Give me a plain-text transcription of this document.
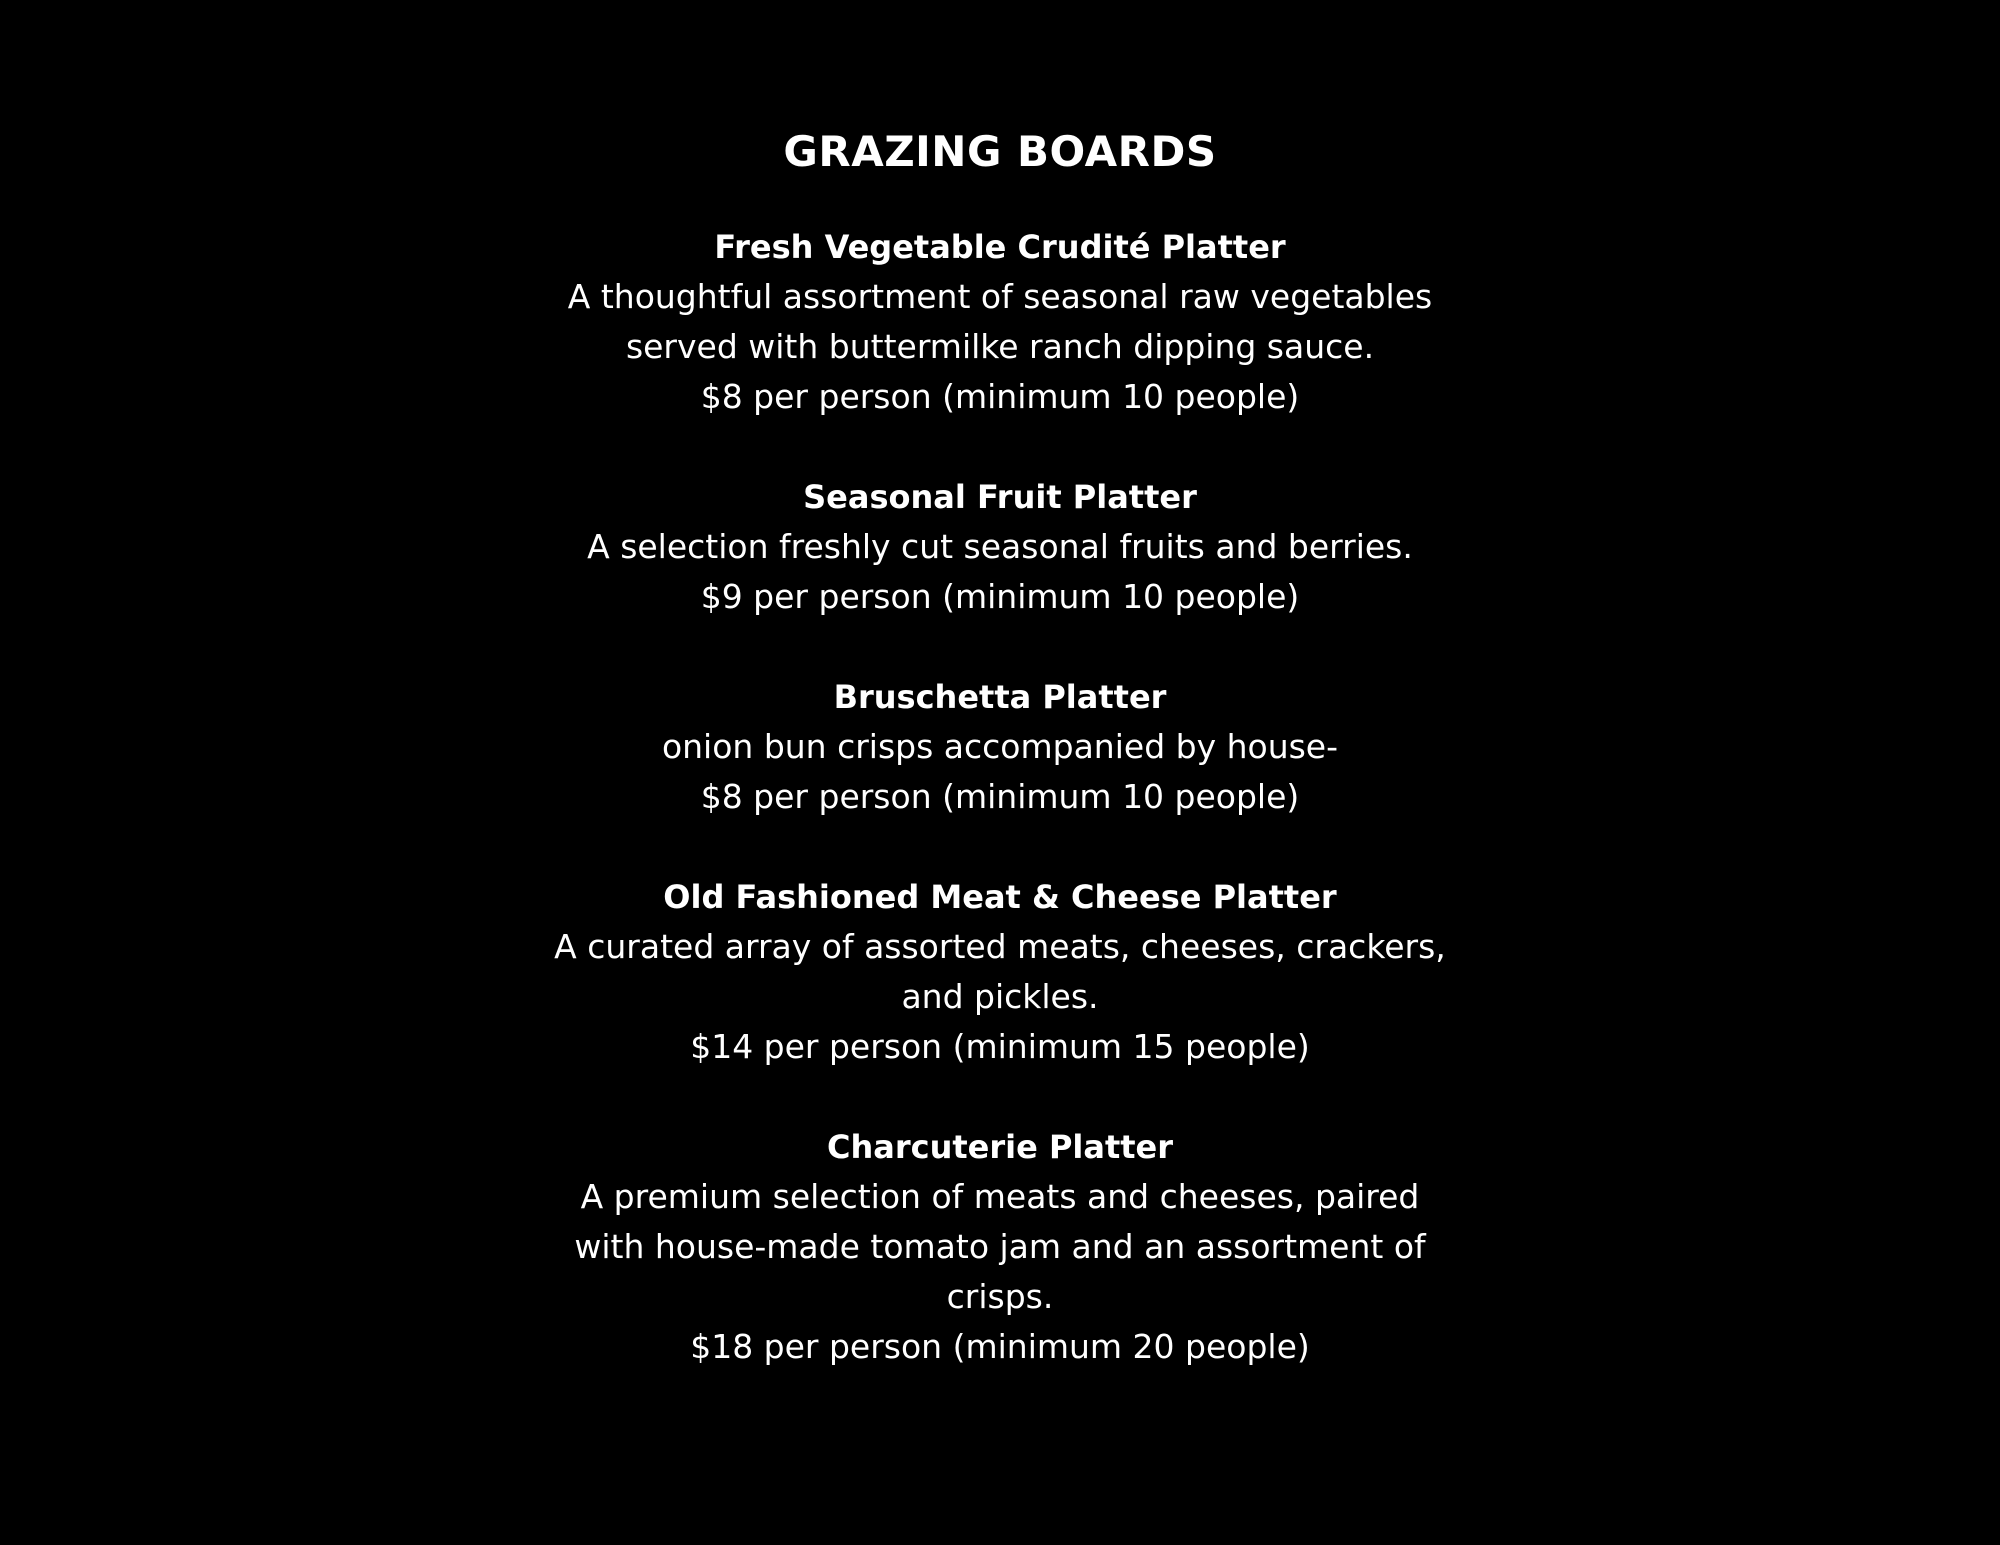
GRAZING BOARDS

Fresh Vegetable Crudité Platter

A thoughtful assortment of seasonal raw vegetables

served with buttermilke ranch dipping sauce.

$8 per person (minimum 10 people)

Seasonal Fruit Platter

A selection freshly cut seasonal fruits and berries.

$9 per person (minimum 10 people)

Bruschetta Platter

onion bun crisps accompanied by house-

$8 per person (minimum 10 people)

Old Fashioned Meat & Cheese Platter

A curated array of assorted meats, cheeses, crackers,

and pickles.

$14 per person (minimum 15 people)

Charcuterie Platter

A premium selection of meats and cheeses, paired

with house-made tomato jam and an assortment of

crisps.

$18 per person (minimum 20 people)
